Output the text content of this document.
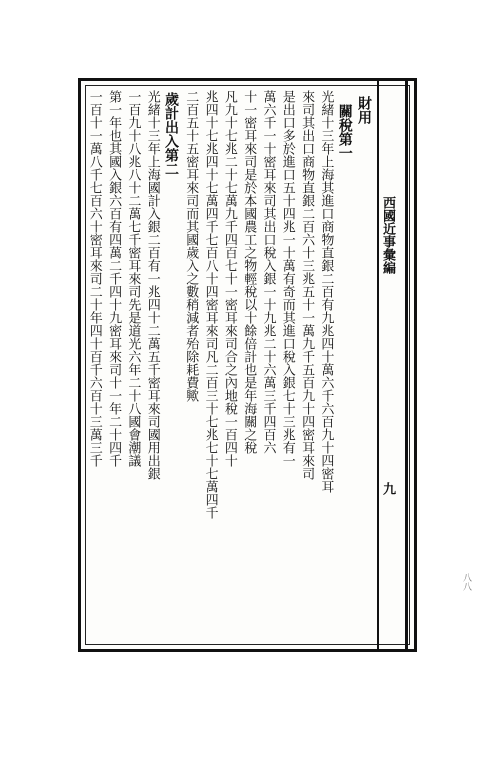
財用
關稅第一
光緒十三年上海其進口商物直銀二百有九兆四十萬六千六百九十四密耳
來司其出口商物直銀二百六十三兆五十一萬九千五百九十四密耳來司
是出口多於進口五十四兆一十萬有奇而其進口稅入銀七十三兆有一
萬六千一十密耳來司其出口稅入銀一十九兆二十六萬三千四百六
十一密耳來司是於本國農工之物輕稅以十餘倍計也是年海關之稅
凡九十七兆二十七萬九千四百七十一密耳來司合之內地稅一百四十
兆四十七兆四十七萬四千七百八十四密耳來司凡二百三十七兆七十七萬四千
二百五十五密耳來司而其國歲入之數稍減者殆除耗費歟
歲計出入第二
光緒十三年上海國計入銀二百有一兆四十二萬五千密耳來司國用出銀
一百九十八兆八十二萬七千密耳來司先是道光六年二十八國會潮議
第一年也其國入銀六百有四萬二千四十九密耳來司十一年二十四千
一百十一萬八千七百六十密耳來司二十年四十百千六百十三萬三千	西國近事彙編
九
八八
